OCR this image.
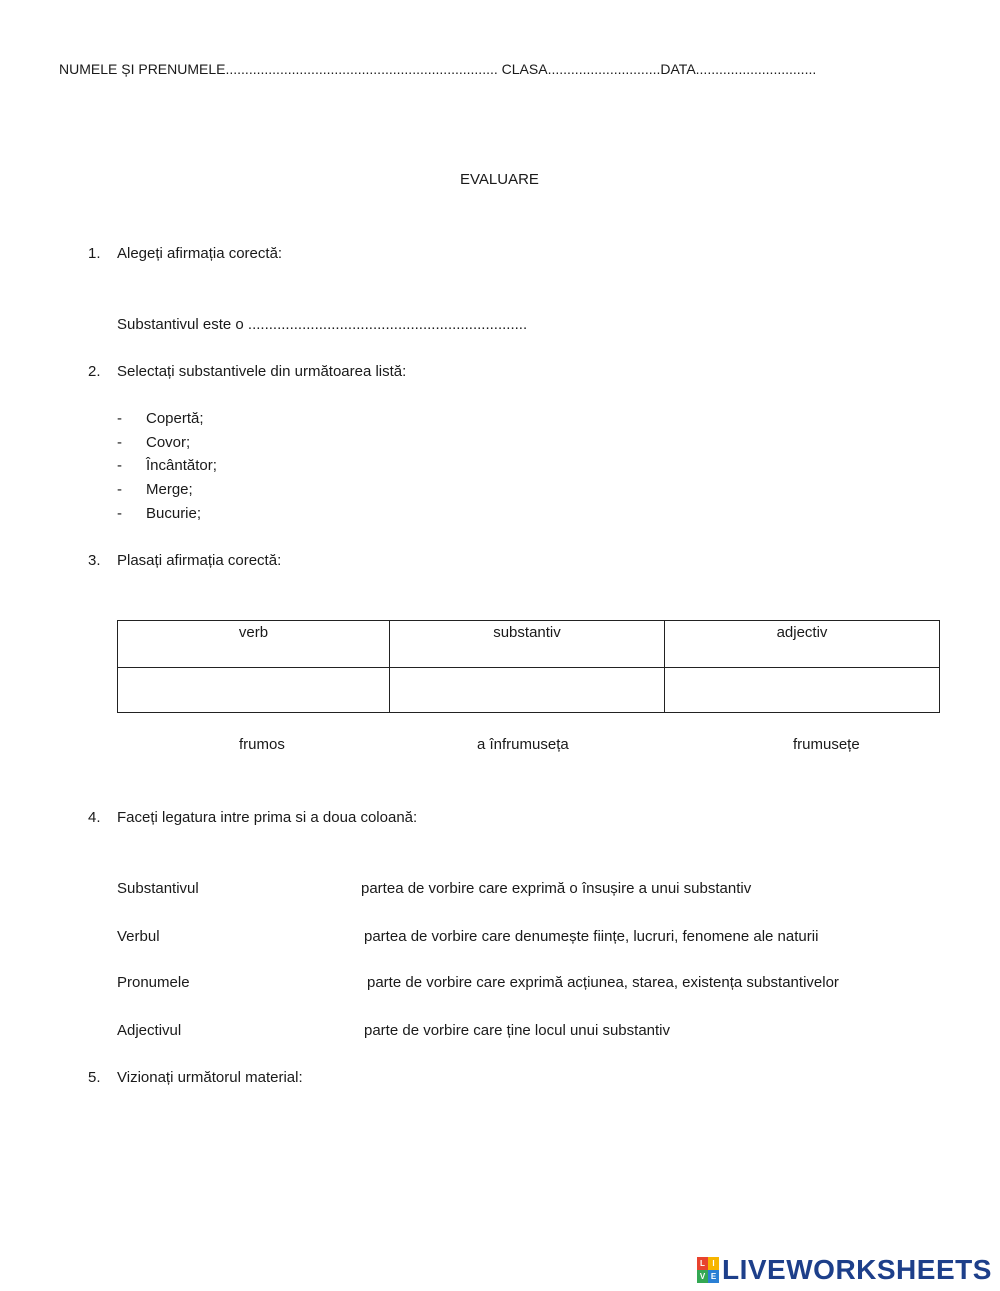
NUMELE ȘI PRENUMELE...................................................................... CLASA.............................DATA...............................
EVALUARE
1.	Alegeți afirmația corectă:
Substantivul este o ...................................................................
2.	Selectați substantivele din următoarea listă:
- Copertă;
- Covor;
- Încântător;
- Merge;
- Bucurie;
3.	Plasați afirmația corectă:
verb	substantiv	adjectiv

frumos	a înfrumuseța	frumusețe
4.	Faceți legatura intre prima si a doua coloană:
Substantivul	partea de vorbire care exprimă o însușire a unui substantiv
Verbul	partea de vorbire care denumește ființe, lucruri, fenomene ale naturii
Pronumele	parte de vorbire care exprimă acțiunea, starea, existența substantivelor
Adjectivul	parte de vorbire care ține locul unui substantiv
5.	Vizionați următorul material:
L I
V E LIVEWORKSHEETS
